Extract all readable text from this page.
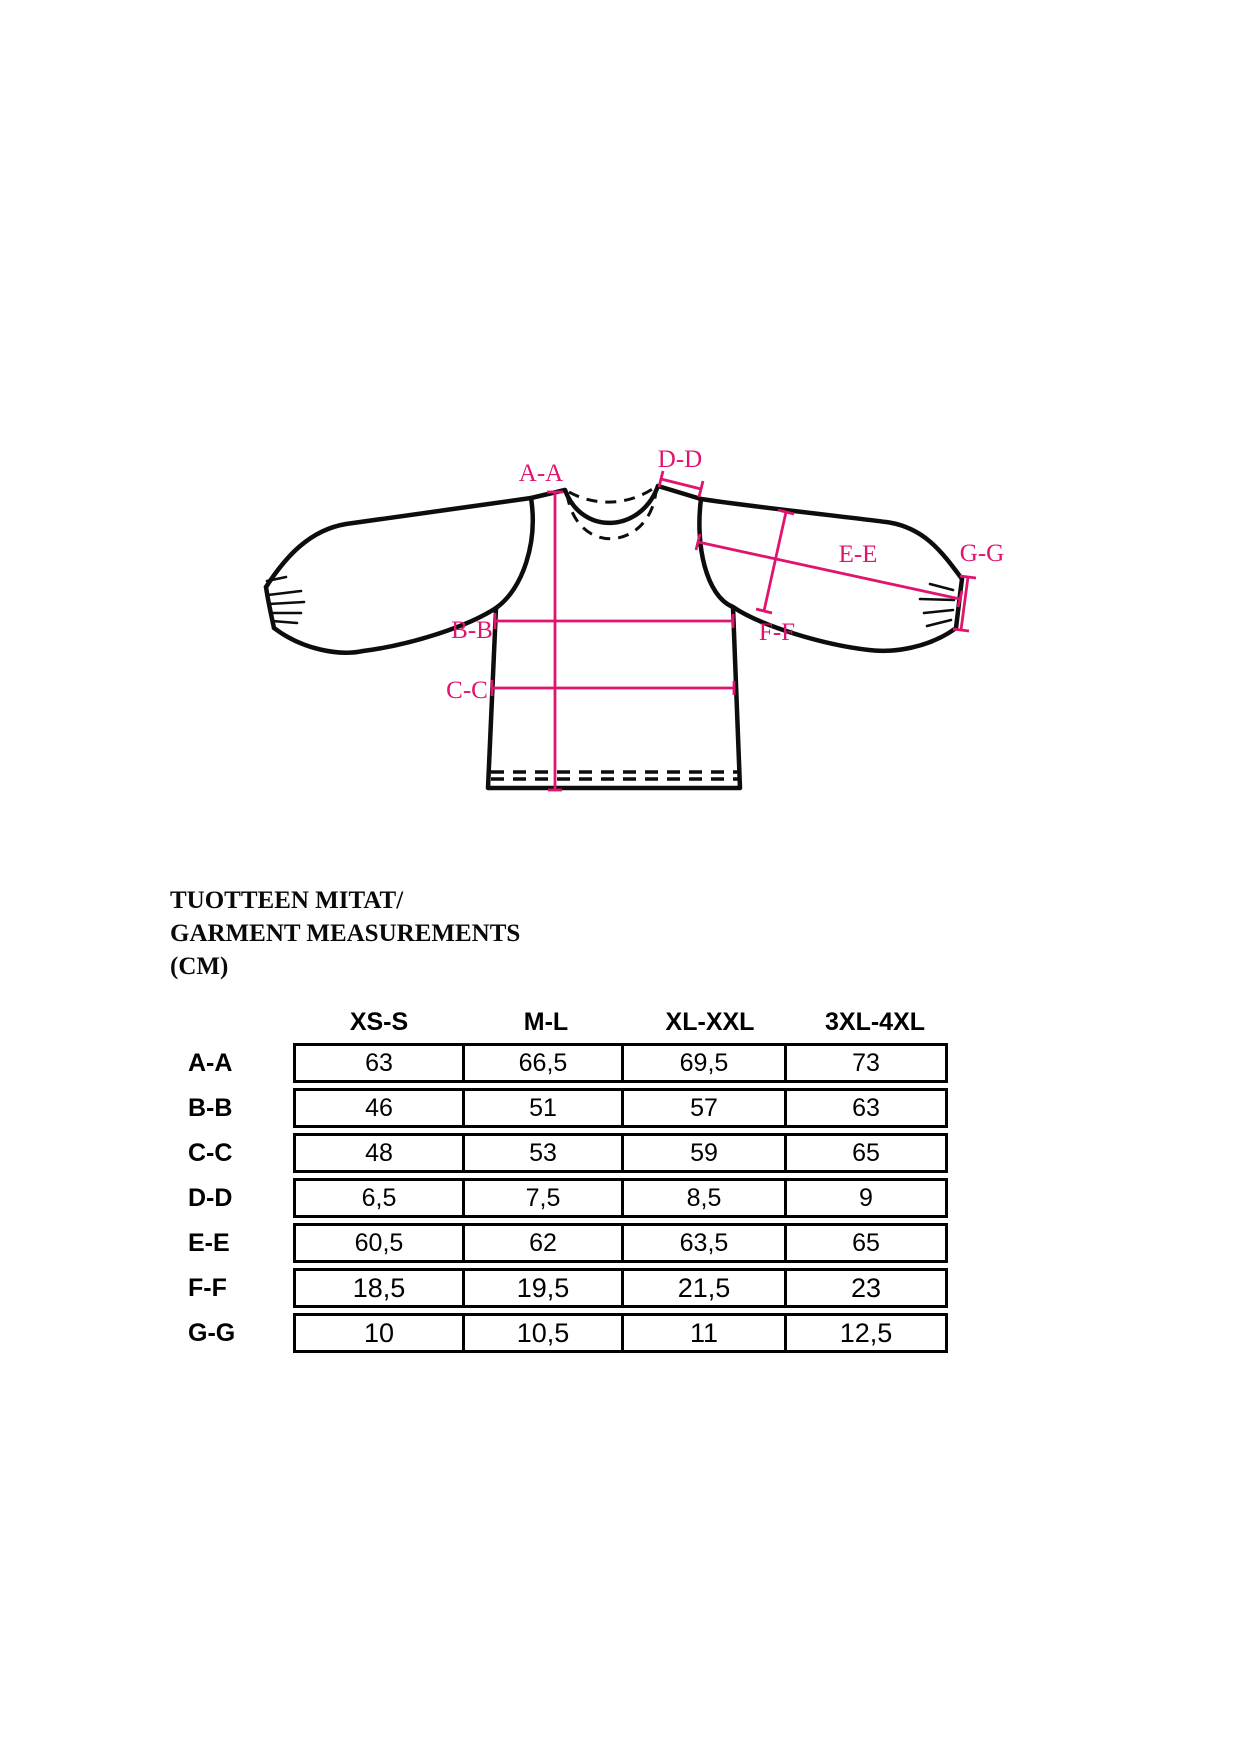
A-A
D-D
E-E	G-G
B-B	F-F
C-C
TUOTTEEN MITAT/
GARMENT MEASUREMENTS
(CM)
XS-S	M-L	XL-XXL	3XL-4XL
A-A	63	66,5	69,5	73
B-B	46	51	57	63
C-C	48	53	59	65
D-D	6,5	7,5	8,5	9
E-E	60,5	62	63,5	65
F-F	18,5	19,5	21,5	23
G-G	10	10,5	11	12,5
